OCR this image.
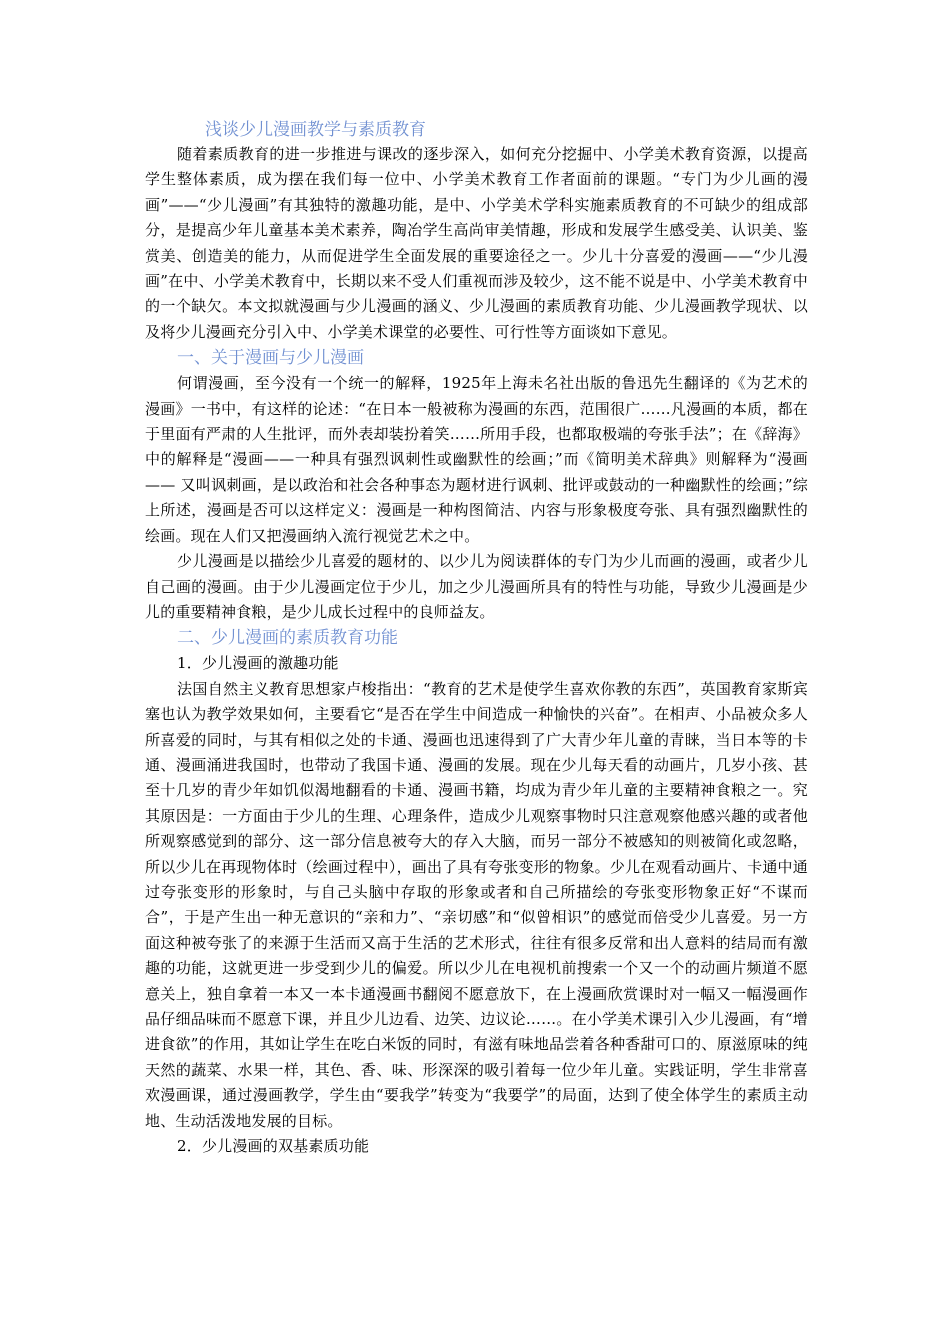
浅谈少儿漫画教学与素质教育

随着素质教育的进一步推进与课改的逐步深入，如何充分挖掘中、小学美术教育资源，以提高学生整体素质，成为摆在我们每一位中、小学美术教育工作者面前的课题。“专门为少儿画的漫画”——“少儿漫画”有其独特的激趣功能，是中、小学美术学科实施素质教育的不可缺少的组成部分，是提高少年儿童基本美术素养，陶冶学生高尚审美情趣，形成和发展学生感受美、认识美、鉴赏美、创造美的能力，从而促进学生全面发展的重要途径之一。少儿十分喜爱的漫画——“少儿漫画”在中、小学美术教育中，长期以来不受人们重视而涉及较少，这不能不说是中、小学美术教育中的一个缺欠。本文拟就漫画与少儿漫画的涵义、少儿漫画的素质教育功能、少儿漫画教学现状、以及将少儿漫画充分引入中、小学美术课堂的必要性、可行性等方面谈如下意见。

一、关于漫画与少儿漫画

何谓漫画，至今没有一个统一的解释，1925年上海未名社出版的鲁迅先生翻译的《为艺术的漫画》一书中，有这样的论述：“在日本一般被称为漫画的东西，范围很广……凡漫画的本质，都在于里面有严肃的人生批评，而外表却装扮着笑……所用手段，也都取极端的夸张手法”；在《辞海》中的解释是“漫画——一种具有强烈讽刺性或幽默性的绘画；”而《简明美术辞典》则解释为“漫画—— 又叫讽刺画，是以政治和社会各种事态为题材进行讽刺、批评或鼓动的一种幽默性的绘画；”综上所述，漫画是否可以这样定义：漫画是一种构图简洁、内容与形象极度夸张、具有强烈幽默性的绘画。现在人们又把漫画纳入流行视觉艺术之中。

少儿漫画是以描绘少儿喜爱的题材的、以少儿为阅读群体的专门为少儿而画的漫画，或者少儿自己画的漫画。由于少儿漫画定位于少儿，加之少儿漫画所具有的特性与功能，导致少儿漫画是少儿的重要精神食粮，是少儿成长过程中的良师益友。

二、少儿漫画的素质教育功能

1．少儿漫画的激趣功能

法国自然主义教育思想家卢梭指出：“教育的艺术是使学生喜欢你教的东西”，英国教育家斯宾塞也认为教学效果如何，主要看它“是否在学生中间造成一种愉快的兴奋”。在相声、小品被众多人所喜爱的同时，与其有相似之处的卡通、漫画也迅速得到了广大青少年儿童的青睐，当日本等的卡通、漫画涌进我国时，也带动了我国卡通、漫画的发展。现在少儿每天看的动画片，几岁小孩、甚至十几岁的青少年如饥似渴地翻看的卡通、漫画书籍，均成为青少年儿童的主要精神食粮之一。究其原因是：一方面由于少儿的生理、心理条件，造成少儿观察事物时只注意观察他感兴趣的或者他所观察感觉到的部分、这一部分信息被夸大的存入大脑，而另一部分不被感知的则被简化或忽略，所以少儿在再现物体时（绘画过程中），画出了具有夸张变形的物象。少儿在观看动画片、卡通中通过夸张变形的形象时，与自己头脑中存取的形象或者和自己所描绘的夸张变形物象正好“不谋而合”，于是产生出一种无意识的“亲和力”、“亲切感”和“似曾相识”的感觉而倍受少儿喜爱。另一方面这种被夸张了的来源于生活而又高于生活的艺术形式，往往有很多反常和出人意料的结局而有激趣的功能，这就更进一步受到少儿的偏爱。所以少儿在电视机前搜索一个又一个的动画片频道不愿意关上，独自拿着一本又一本卡通漫画书翻阅不愿意放下，在上漫画欣赏课时对一幅又一幅漫画作品仔细品味而不愿意下课，并且少儿边看、边笑、边议论……。在小学美术课引入少儿漫画，有“增进食欲”的作用，其如让学生在吃白米饭的同时，有滋有味地品尝着各种香甜可口的、原滋原味的纯天然的蔬菜、水果一样，其色、香、味、形深深的吸引着每一位少年儿童。实践证明，学生非常喜欢漫画课，通过漫画教学，学生由“要我学”转变为“我要学”的局面，达到了使全体学生的素质主动地、生动活泼地发展的目标。

2．少儿漫画的双基素质功能
